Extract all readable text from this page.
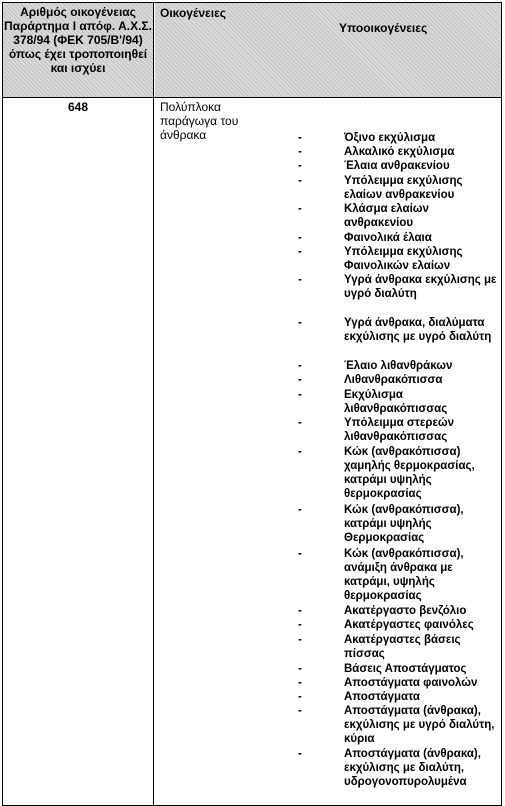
Αριθμός οικογένειας Παράρτημα Ι απόφ. Α.Χ.Σ. 378/94 (ΦΕΚ 705/Β'/94) όπως έχει τροποποιηθεί και ισχύει
Οικογένειες
Υποοικογένειες
648	Πολύπλοκα παράγωγα του άνθρακα	-	Όξινο εκχύλισμα
-	Αλκαλικό εκχύλισμα
-	Έλαια ανθρακενίου
-	Υπόλειμμα εκχύλισης ελαίων ανθρακενίου
-	Κλάσμα ελαίων ανθρακενίου
-	Φαινολικά έλαια
-	Υπόλειμμα εκχύλισης Φαινολικών ελαίων
-	Υγρά άνθρακα εκχύλισης με υγρό διαλύτη
-	Υγρά άνθρακα, διαλύματα εκχύλισης με υγρό διαλύτη
-	Έλαιο λιθανθράκων
-	Λιθανθρακόπισσα
-	Εκχύλισμα λιθανθρακόπισσας
-	Υπόλειμμα στερεών λιθανθρακόπισσας
-	Κώκ (ανθρακόπισσα) χαμηλής θερμοκρασίας, κατράμι υψηλής θερμοκρασίας
-	Κώκ (ανθρακόπισσα), κατράμι υψηλής Θερμοκρασίας
-	Κώκ (ανθρακόπισσα), ανάμιξη άνθρακα με κατράμι, υψηλής θερμοκρασίας
-	Ακατέργαστο βενζόλιο
-	Ακατέργαστες φαινόλες
-	Ακατέργαστες βάσεις πίσσας
-	Βάσεις Αποστάγματος
-	Αποστάγματα φαινολών
-	Αποστάγματα
-	Αποστάγματα (άνθρακα), εκχύλισης με υγρό διαλύτη, κύρια
-	Αποστάγματα (άνθρακα), εκχύλισης με διαλύτη, υδρογονοπυρολυμένα
